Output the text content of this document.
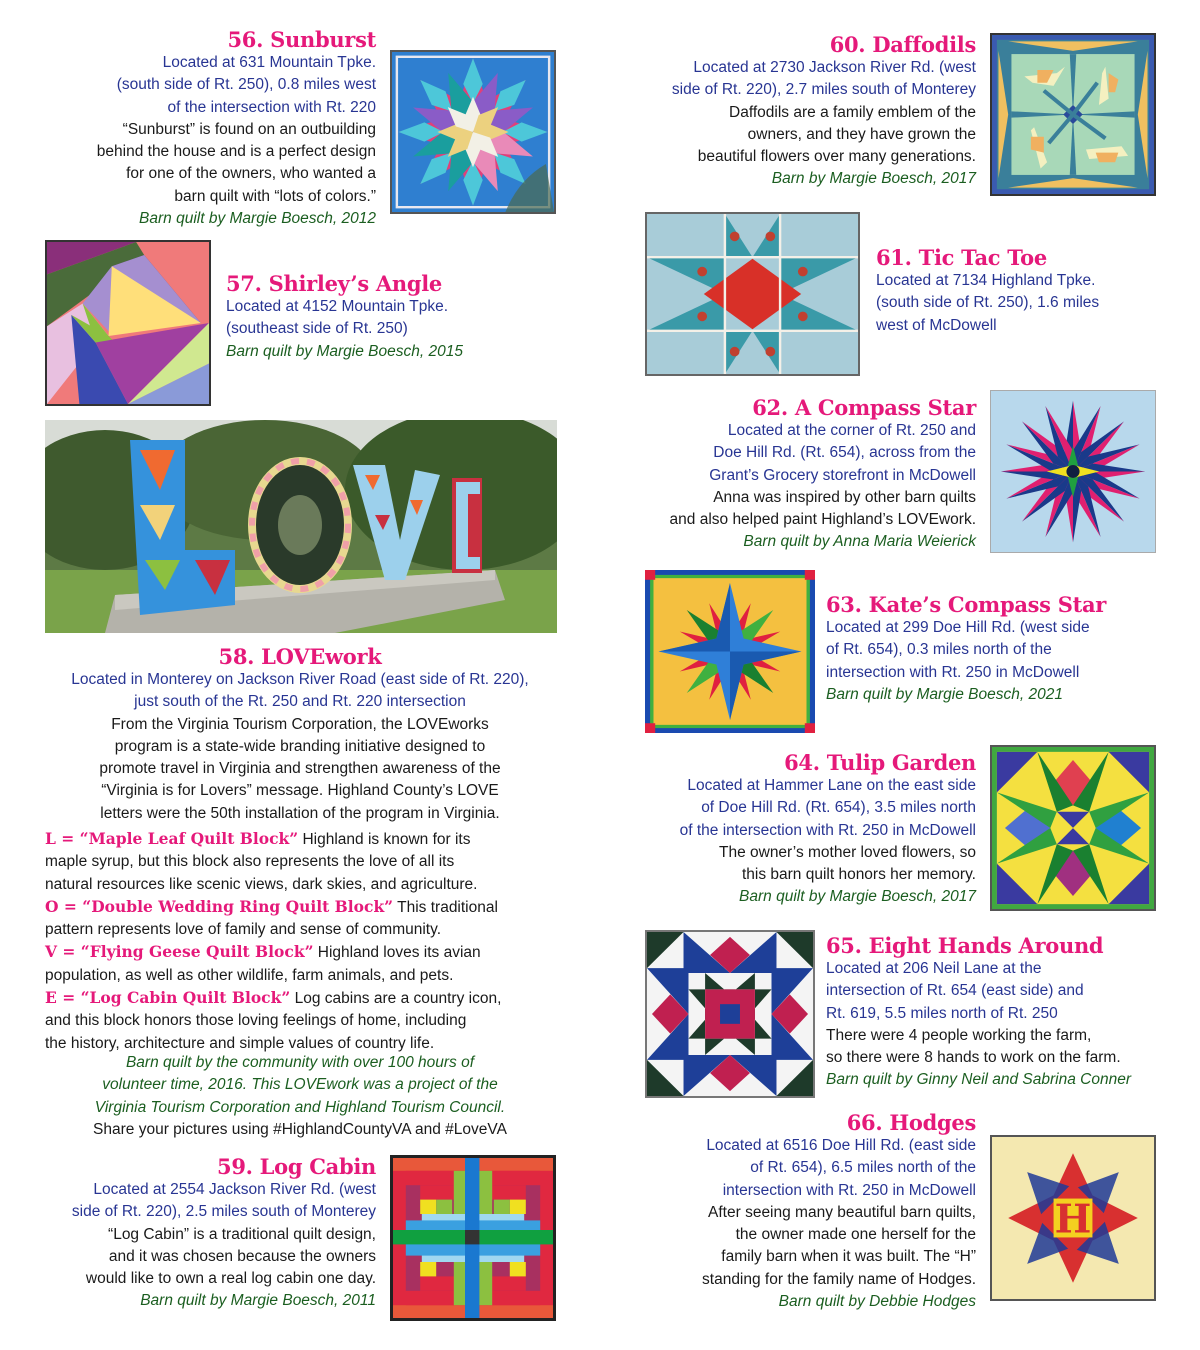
56. Sunburst
Located at 631 Mountain Tpke.
(south side of Rt. 250), 0.8 miles west
of the intersection with Rt. 220
“Sunburst” is found on an outbuilding
behind the house and is a perfect design
for one of the owners, who wanted a
barn quilt with “lots of colors.”
Barn quilt by Margie Boesch, 2012
57. Shirley’s Angle
Located at 4152 Mountain Tpke.
(southeast side of Rt. 250)
Barn quilt by Margie Boesch, 2015
58. LOVEwork
Located in Monterey on Jackson River Road (east side of Rt. 220),
just south of the Rt. 250 and Rt. 220 intersection
From the Virginia Tourism Corporation, the LOVEworks
program is a state-wide branding initiative designed to
promote travel in Virginia and strengthen awareness of the
“Virginia is for Lovers” message. Highland County’s LOVE
letters were the 50th installation of the program in Virginia.
L = “Maple Leaf Quilt Block” Highland is known for its
maple syrup, but this block also represents the love of all its
natural resources like scenic views, dark skies, and agriculture.
O = “Double Wedding Ring Quilt Block” This traditional
pattern represents love of family and sense of community.
V = “Flying Geese Quilt Block” Highland loves its avian
population, as well as other wildlife, farm animals, and pets.
E = “Log Cabin Quilt Block” Log cabins are a country icon,
and this block honors those loving feelings of home, including
the history, architecture and simple values of country life.
Barn quilt by the community with over 100 hours of
volunteer time, 2016. This LOVEwork was a project of the
Virginia Tourism Corporation and Highland Tourism Council.
Share your pictures using #HighlandCountyVA and #LoveVA
59. Log Cabin
Located at 2554 Jackson River Rd. (west
side of Rt. 220), 2.5 miles south of Monterey
“Log Cabin” is a traditional quilt design,
and it was chosen because the owners
would like to own a real log cabin one day.
Barn quilt by Margie Boesch, 2011
60. Daffodils
Located at 2730 Jackson River Rd. (west
side of Rt. 220), 2.7 miles south of Monterey
Daffodils are a family emblem of the
owners, and they have grown the
beautiful flowers over many generations.
Barn by Margie Boesch, 2017
61. Tic Tac Toe
Located at 7134 Highland Tpke.
(south side of Rt. 250), 1.6 miles
west of McDowell
62. A Compass Star
Located at the corner of Rt. 250 and
Doe Hill Rd. (Rt. 654), across from the
Grant’s Grocery storefront in McDowell
Anna was inspired by other barn quilts
and also helped paint Highland’s LOVEwork.
Barn quilt by Anna Maria Weierick
63. Kate’s Compass Star
Located at 299 Doe Hill Rd. (west side
of Rt. 654), 0.3 miles north of the
intersection with Rt. 250 in McDowell
Barn quilt by Margie Boesch, 2021
64. Tulip Garden
Located at Hammer Lane on the east side
of Doe Hill Rd. (Rt. 654), 3.5 miles north
of the intersection with Rt. 250 in McDowell
The owner’s mother loved flowers, so
this barn quilt honors her memory.
Barn quilt by Margie Boesch, 2017
65. Eight Hands Around
Located at 206 Neil Lane at the
intersection of Rt. 654 (east side) and
Rt. 619, 5.5 miles north of Rt. 250
There were 4 people working the farm,
so there were 8 hands to work on the farm.
Barn quilt by Ginny Neil and Sabrina Conner
66. Hodges
Located at 6516 Doe Hill Rd. (east side
of Rt. 654), 6.5 miles north of the
intersection with Rt. 250 in McDowell
After seeing many beautiful barn quilts,
the owner made one herself for the
family barn when it was built. The “H”
standing for the family name of Hodges.
Barn quilt by Debbie Hodges
H
